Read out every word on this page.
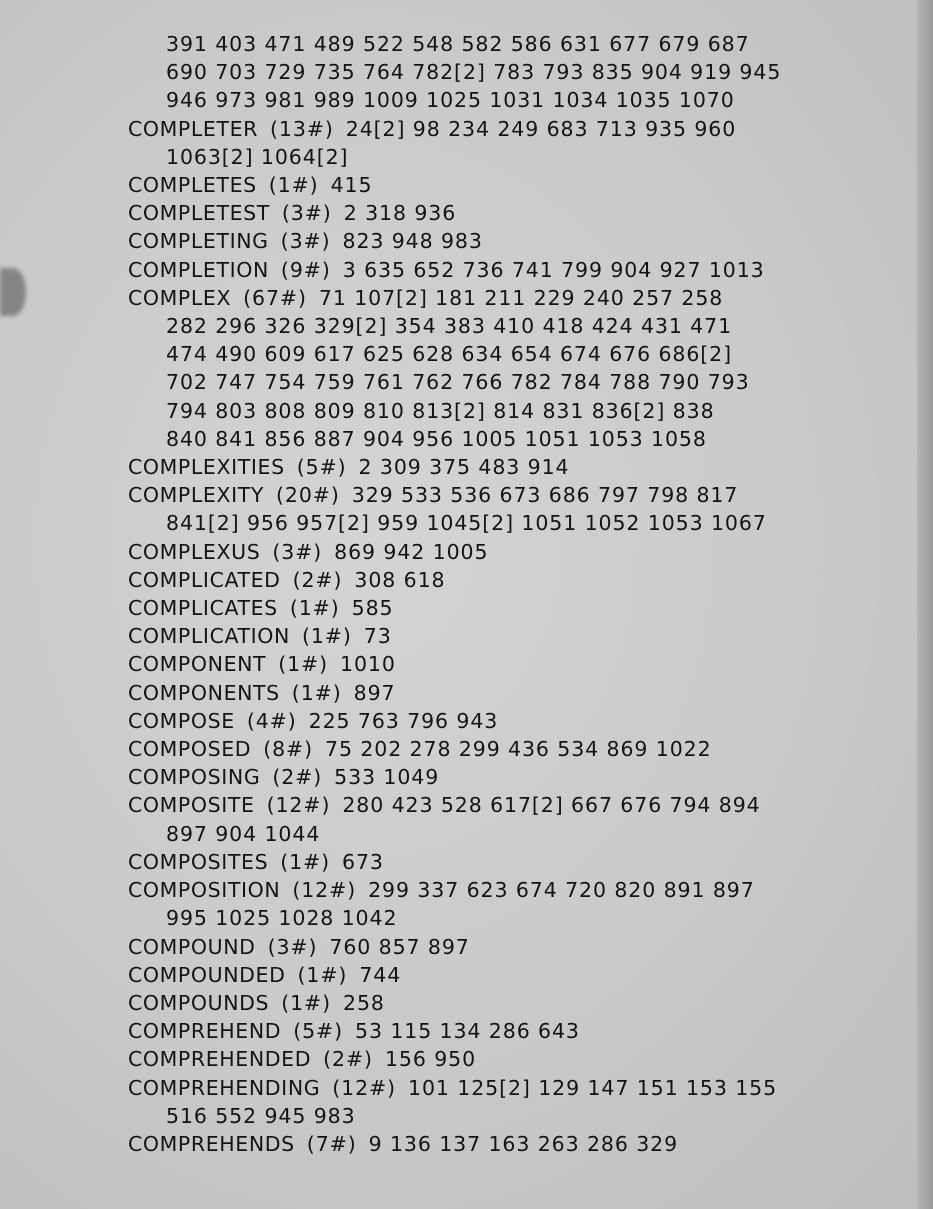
391 403 471 489 522 548 582 586 631 677 679 687
690 703 729 735 764 782[2] 783 793 835 904 919 945
946 973 981 989 1009 1025 1031 1034 1035 1070
COMPLETER (13#) 24[2] 98 234 249 683 713 935 960
1063[2] 1064[2]
COMPLETES (1#) 415
COMPLETEST (3#) 2 318 936
COMPLETING (3#) 823 948 983
COMPLETION (9#) 3 635 652 736 741 799 904 927 1013
COMPLEX (67#) 71 107[2] 181 211 229 240 257 258
282 296 326 329[2] 354 383 410 418 424 431 471
474 490 609 617 625 628 634 654 674 676 686[2]
702 747 754 759 761 762 766 782 784 788 790 793
794 803 808 809 810 813[2] 814 831 836[2] 838
840 841 856 887 904 956 1005 1051 1053 1058
COMPLEXITIES (5#) 2 309 375 483 914
COMPLEXITY (20#) 329 533 536 673 686 797 798 817
841[2] 956 957[2] 959 1045[2] 1051 1052 1053 1067
COMPLEXUS (3#) 869 942 1005
COMPLICATED (2#) 308 618
COMPLICATES (1#) 585
COMPLICATION (1#) 73
COMPONENT (1#) 1010
COMPONENTS (1#) 897
COMPOSE (4#) 225 763 796 943
COMPOSED (8#) 75 202 278 299 436 534 869 1022
COMPOSING (2#) 533 1049
COMPOSITE (12#) 280 423 528 617[2] 667 676 794 894
897 904 1044
COMPOSITES (1#) 673
COMPOSITION (12#) 299 337 623 674 720 820 891 897
995 1025 1028 1042
COMPOUND (3#) 760 857 897
COMPOUNDED (1#) 744
COMPOUNDS (1#) 258
COMPREHEND (5#) 53 115 134 286 643
COMPREHENDED (2#) 156 950
COMPREHENDING (12#) 101 125[2] 129 147 151 153 155
516 552 945 983
COMPREHENDS (7#) 9 136 137 163 263 286 329
